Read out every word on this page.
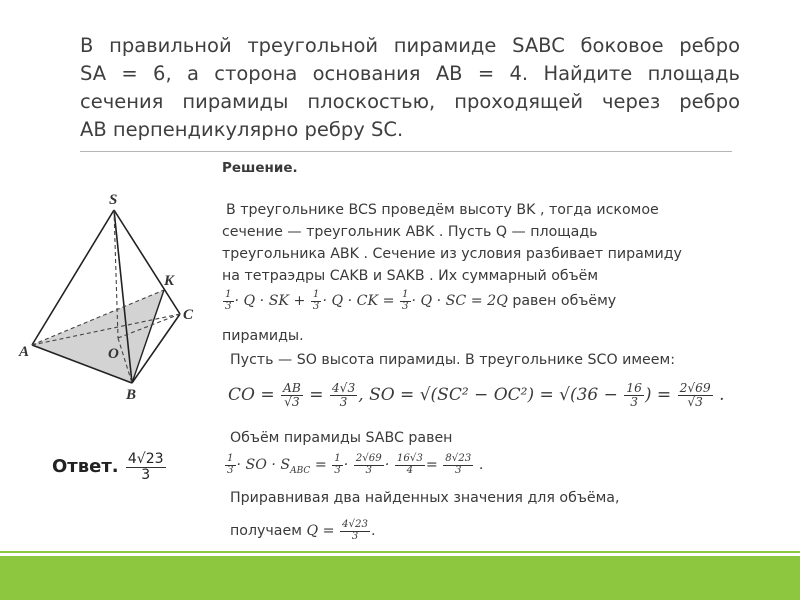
В правильной треугольной пирамиде SABC боковое ребро
SA = 6, а сторона основания AB = 4. Найдите площадь
сечения пирамиды плоскостью, проходящей через ребро
AB перпендикулярно ребру SC.
S
K
C
A	O
B
Решение.
В треугольнике BCS проведём высоту BK , тогда искомое
сечение — треугольник ABK . Пусть Q — площадь
треугольника ABK . Сечение из условия разбивает пирамиду
на тетраэдры CAKB и SAKB . Их суммарный объём
$\frac{1}{3} \cdot Q$ · SK + $\frac{1}{3} \cdot Q$ · CK = $\frac{1}{3} \cdot Q$ · SC = 2Q равен объёму
пирамиды.
Пусть — SO высота пирамиды. В треугольнике SCO имеем:
CO = $\frac{AB}{√3} = \frac{4√3}{3}$ , SO = $√(SC^2 - OC^2) = √(36 - \frac{16}{3}$ ) = $\frac{2√69}{√3}$ .
Объём пирамиды SABC равен
$\frac{1}{3}$ · SO · $S_{ABC} = \frac{1}{3} \cdot \frac{2√69}{3} \cdot \frac{16√3}{4} = \frac{8√23}{3}$ .
Приравнивая два найденных значения для объёма,
получаем $Q = \frac{4√23}{3}$ .
Ответ. $\frac{4√23}{3}$
